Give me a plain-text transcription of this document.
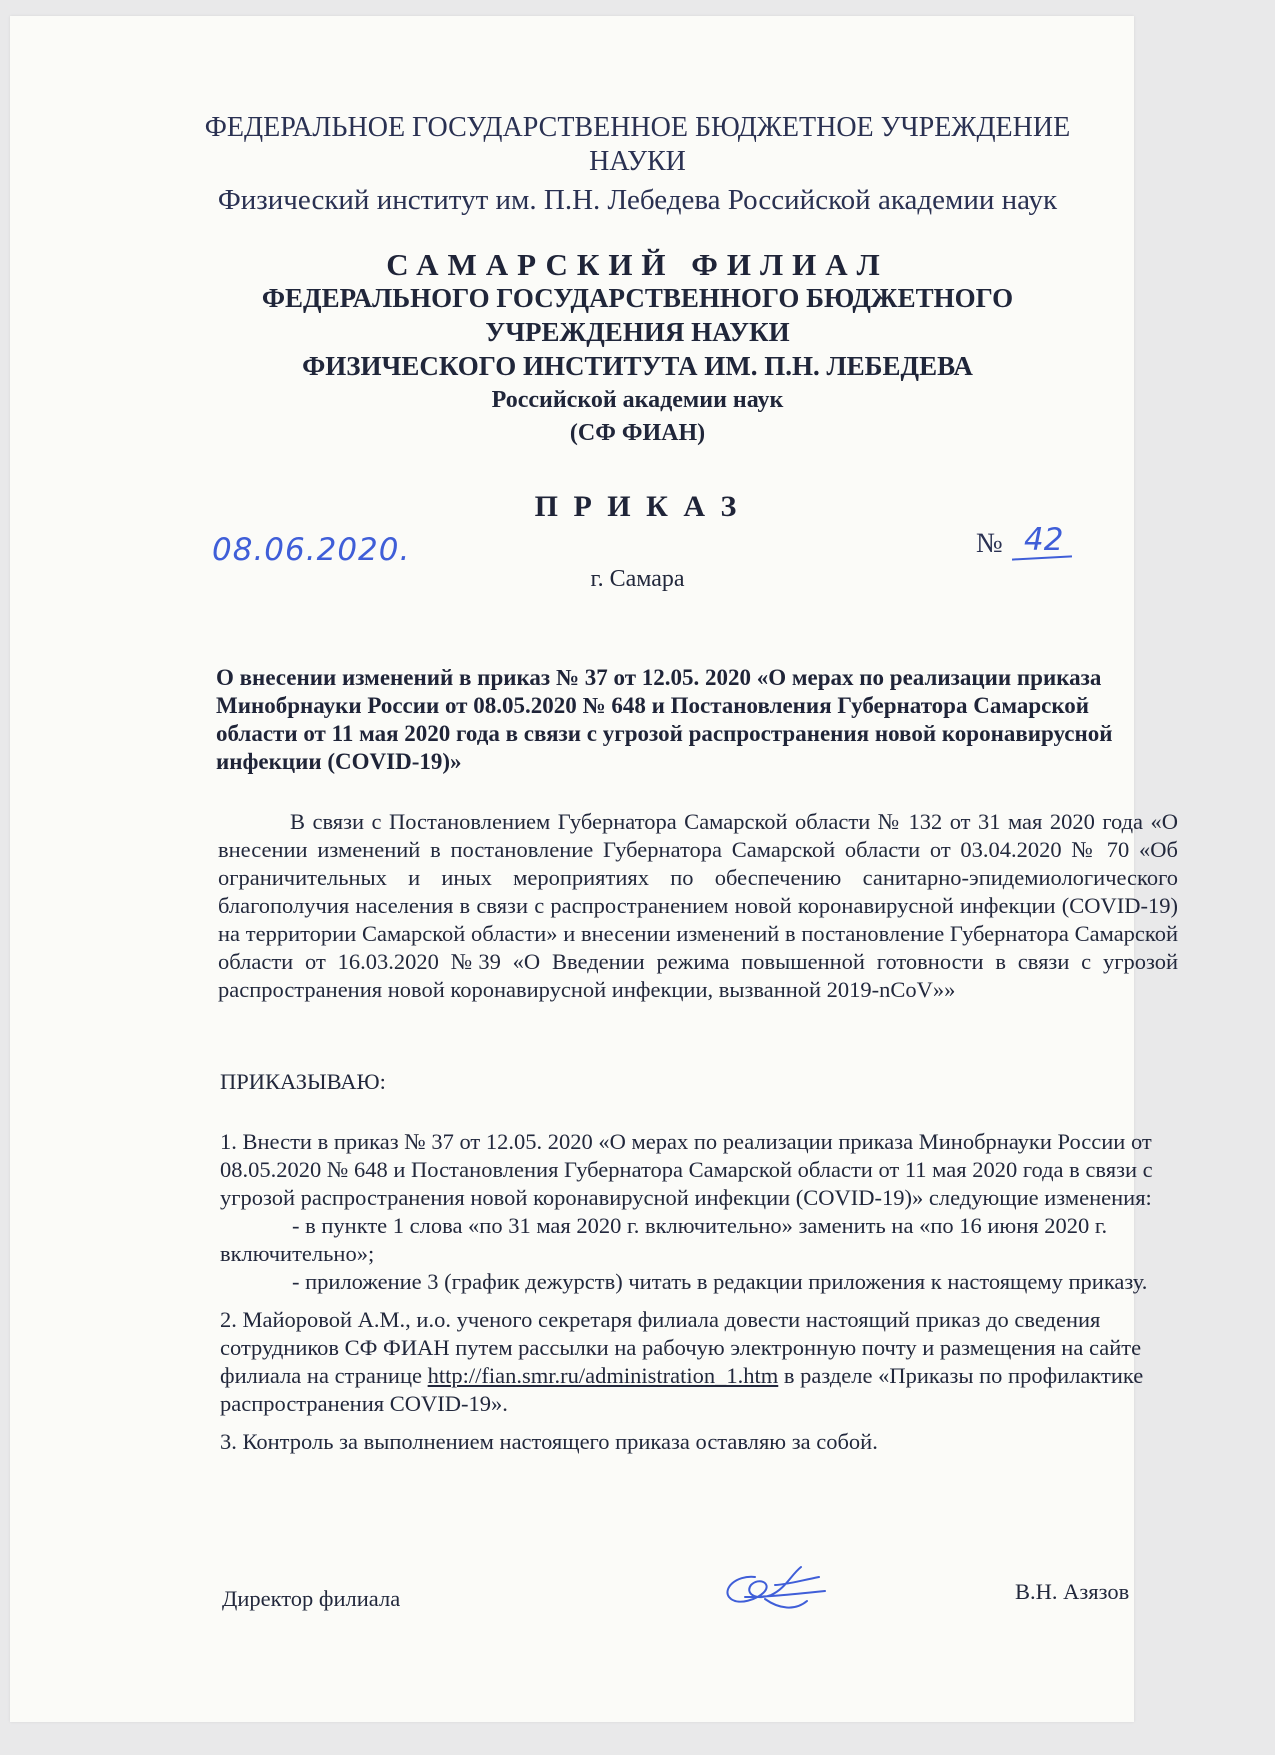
ФЕДЕРАЛЬНОЕ ГОСУДАРСТВЕННОЕ БЮДЖЕТНОЕ УЧРЕЖДЕНИЕ
НАУКИ
Физический институт им. П.Н. Лебедева Российской академии наук
САМАРСКИЙ ФИЛИАЛ
ФЕДЕРАЛЬНОГО ГОСУДАРСТВЕННОГО БЮДЖЕТНОГО
УЧРЕЖДЕНИЯ НАУКИ
ФИЗИЧЕСКОГО ИНСТИТУТА ИМ. П.Н. ЛЕБЕДЕВА
Российской академии наук
(СФ ФИАН)
П Р И К А З
08.06.2020.	№ 42
г. Самара
О внесении изменений в приказ № 37 от 12.05. 2020 «О мерах по реализации приказа Минобрнауки России от 08.05.2020 № 648 и Постановления Губернатора Самарской области от 11 мая 2020 года в связи с угрозой распространения новой коронавирусной инфекции (COVID-19)»

В связи с Постановлением Губернатора Самарской области № 132 от 31 мая 2020 года «О внесении изменений в постановление Губернатора Самарской области от 03.04.2020 № 70 «Об ограничительных и иных мероприятиях по обеспечению санитарно-эпидемиологического благополучия населения в связи с распространением новой коронавирусной инфекции (COVID-19) на территории Самарской области» и внесении изменений в постановление Губернатора Самарской области от 16.03.2020 №39 «О Введении режима повышенной готовности в связи с угрозой распространения новой коронавирусной инфекции, вызванной 2019-nCoV»»

ПРИКАЗЫВАЮ:

1. Внести в приказ № 37 от 12.05. 2020 «О мерах по реализации приказа Минобрнауки России от 08.05.2020 № 648 и Постановления Губернатора Самарской области от 11 мая 2020 года в связи с угрозой распространения новой коронавирусной инфекции (COVID-19)» следующие изменения:

- в пункте 1 слова «по 31 мая 2020 г. включительно» заменить на «по 16 июня 2020 г. включительно»;

- приложение 3 (график дежурств) читать в редакции приложения к настоящему приказу.

2. Майоровой А.М., и.о. ученого секретаря филиала довести настоящий приказ до сведения сотрудников СФ ФИАН путем рассылки на рабочую электронную почту и размещения на сайте филиала на странице http://fian.smr.ru/administration_1.htm в разделе «Приказы по профилактике распространения COVID-19».

3. Контроль за выполнением настоящего приказа оставляю за собой.

Директор филиала	В.Н. Азязов
